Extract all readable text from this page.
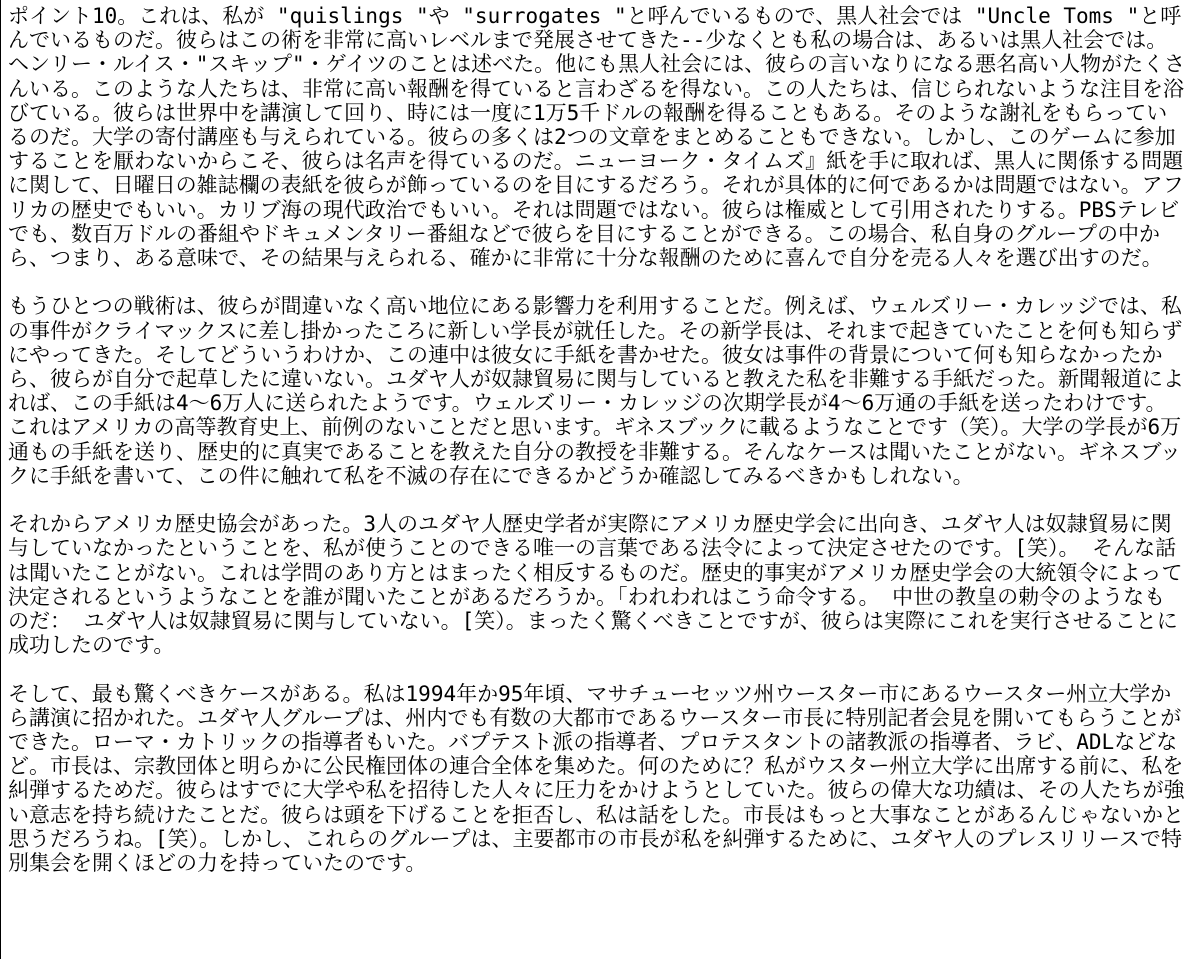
ポイント10。これは、私が "quislings "や "surrogates "と呼んでいるもので、黒人社会では "Uncle Toms "と呼んでいるものだ。彼らはこの術を非常に高いレベルまで発展させてきた--少なくとも私の場合は、あるいは黒人社会では。ヘンリー・ルイス・"スキップ"・ゲイツのことは述べた。他にも黒人社会には、彼らの言いなりになる悪名高い人物がたくさんいる。このような人たちは、非常に高い報酬を得ていると言わざるを得ない。この人たちは、信じられないような注目を浴びている。彼らは世界中を講演して回り、時には一度に1万5千ドルの報酬を得ることもある。そのような謝礼をもらっているのだ。大学の寄付講座も与えられている。彼らの多くは2つの文章をまとめることもできない。しかし、このゲームに参加することを厭わないからこそ、彼らは名声を得ているのだ。ニューヨーク・タイムズ』紙を手に取れば、黒人に関係する問題に関して、日曜日の雑誌欄の表紙を彼らが飾っているのを目にするだろう。それが具体的に何であるかは問題ではない。アフリカの歴史でもいい。カリブ海の現代政治でもいい。それは問題ではない。彼らは権威として引用されたりする。PBSテレビでも、数百万ドルの番組やドキュメンタリー番組などで彼らを目にすることができる。この場合、私自身のグループの中から、つまり、ある意味で、その結果与えられる、確かに非常に十分な報酬のために喜んで自分を売る人々を選び出すのだ。

もうひとつの戦術は、彼らが間違いなく高い地位にある影響力を利用することだ。例えば、ウェルズリー・カレッジでは、私の事件がクライマックスに差し掛かったころに新しい学長が就任した。その新学長は、それまで起きていたことを何も知らずにやってきた。そしてどういうわけか、この連中は彼女に手紙を書かせた。彼女は事件の背景について何も知らなかったから、彼らが自分で起草したに違いない。ユダヤ人が奴隷貿易に関与していると教えた私を非難する手紙だった。新聞報道によれば、この手紙は4～6万人に送られたようです。ウェルズリー・カレッジの次期学長が4～6万通の手紙を送ったわけです。これはアメリカの高等教育史上、前例のないことだと思います。ギネスブックに載るようなことです（笑）。大学の学長が6万通もの手紙を送り、歴史的に真実であることを教えた自分の教授を非難する。そんなケースは聞いたことがない。ギネスブックに手紙を書いて、この件に触れて私を不滅の存在にできるかどうか確認してみるべきかもしれない。

それからアメリカ歴史協会があった。3人のユダヤ人歴史学者が実際にアメリカ歴史学会に出向き、ユダヤ人は奴隷貿易に関与していなかったということを、私が使うことのできる唯一の言葉である法令によって決定させたのです。[笑）。 そんな話は聞いたことがない。これは学問のあり方とはまったく相反するものだ。歴史的事実がアメリカ歴史学会の大統領令によって決定されるというようなことを誰が聞いたことがあるだろうか。「われわれはこう命令する。 中世の教皇の勅令のようなものだ： ユダヤ人は奴隷貿易に関与していない。[笑）。まったく驚くべきことですが、彼らは実際にこれを実行させることに成功したのです。

そして、最も驚くべきケースがある。私は1994年か95年頃、マサチューセッツ州ウースター市にあるウースター州立大学から講演に招かれた。ユダヤ人グループは、州内でも有数の大都市であるウースター市長に特別記者会見を開いてもらうことができた。ローマ・カトリックの指導者もいた。バプテスト派の指導者、プロテスタントの諸教派の指導者、ラビ、ADLなどなど。市長は、宗教団体と明らかに公民権団体の連合全体を集めた。何のために？私がウスター州立大学に出席する前に、私を糾弾するためだ。彼らはすでに大学や私を招待した人々に圧力をかけようとしていた。彼らの偉大な功績は、その人たちが強い意志を持ち続けたことだ。彼らは頭を下げることを拒否し、私は話をした。市長はもっと大事なことがあるんじゃないかと思うだろうね。[笑）。しかし、これらのグループは、主要都市の市長が私を糾弾するために、ユダヤ人のプレスリリースで特別集会を開くほどの力を持っていたのです。
